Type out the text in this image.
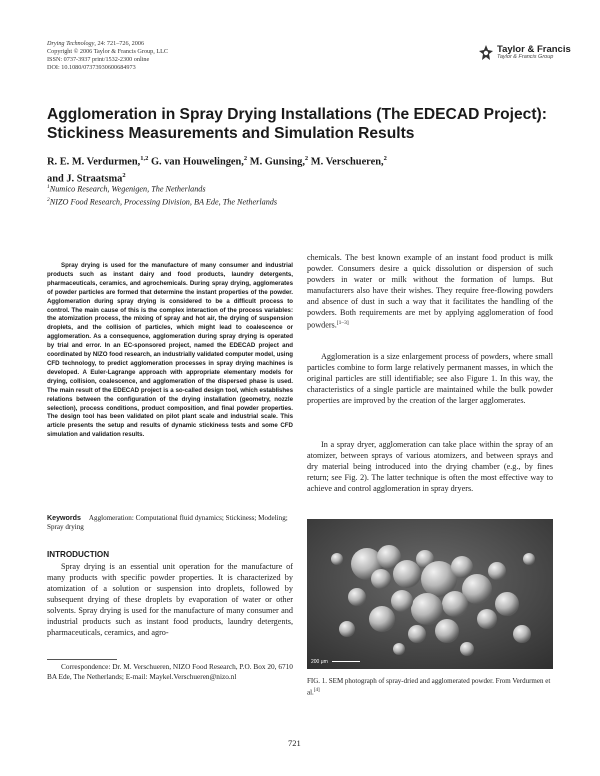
Drying Technology, 24: 721–726, 2006
Copyright © 2006 Taylor & Francis Group, LLC
ISSN: 0737-3937 print/1532-2300 online
DOI: 10.1080/07373930600684973
Taylor & Francis
Taylor & Francis Group
Agglomeration in Spray Drying Installations (The EDECAD Project): Stickiness Measurements and Simulation Results
R. E. M. Verdurmen,$^{1,2}$ G. van Houwelingen,$^2$ M. Gunsing,$^2$ M. Verschueren,$^2$
and J. Straatsma$^2$
$^1$Numico Research, Wegenigen, The Netherlands
$^2$NIZO Food Research, Processing Division, BA Ede, The Netherlands
Spray drying is used for the manufacture of many consumer and industrial products such as instant dairy and food products, laundry detergents, pharmaceuticals, ceramics, and agrochemicals. During spray drying, agglomerates of powder particles are formed that determine the instant properties of the powder. Agglomeration during spray drying is considered to be a difficult process to control. The main cause of this is the complex interaction of the process variables: the atomization process, the mixing of spray and hot air, the drying of suspension droplets, and the collision of particles, which might lead to coalescence or agglomeration. As a consequence, agglomeration during spray drying is operated by trial and error. In an EC-sponsored project, named the EDECAD project and coordinated by NIZO food research, an industrially validated computer model, using CFD technology, to predict agglomeration processes in spray drying machines is developed. A Euler-Lagrange approach with appropriate elementary models for drying, collision, coalescence, and agglomeration of the dispersed phase is used. The main result of the EDECAD project is a so-called design tool, which establishes relations between the configuration of the drying installation (geometry, nozzle selection), process conditions, product composition, and final powder properties. The design tool has been validated on pilot plant scale and industrial scale. This article presents the setup and results of dynamic stickiness tests and some CFD simulation and validation results.
Keywords Agglomeration: Computational fluid dynamics; Stickiness; Modeling; Spray drying
INTRODUCTION
Spray drying is an essential unit operation for the manufacture of many products with specific powder properties. It is characterized by atomization of a solution or suspension into droplets, followed by subsequent drying of these droplets by evaporation of water or other solvents. Spray drying is used for the manufacture of many consumer and industrial products such as instant food products, laundry detergents, pharmaceuticals, ceramics, and agro-
Correspondence: Dr. M. Verschueren, NIZO Food Research, P.O. Box 20, 6710 BA Ede, The Netherlands; E-mail: Maykel.Verschueren@nizo.nl
chemicals. The best known example of an instant food product is milk powder. Consumers desire a quick dissolution or dispersion of such powders in water or milk without the formation of lumps. But manufacturers also have their wishes. They require free-flowing powders and absence of dust in such a way that it facilitates the handling of the powders. Both requirements are met by applying agglomeration of food powders.[1–3]
Agglomeration is a size enlargement process of powders, where small particles combine to form large relatively permanent masses, in which the original particles are still identifiable; see also Figure 1. In this way, the characteristics of a single particle are maintained while the bulk powder properties are improved by the creation of the larger agglomerates.
In a spray dryer, agglomeration can take place within the spray of an atomizer, between sprays of various atomizers, and between sprays and dry material being introduced into the drying chamber (e.g., by fines return; see Fig. 2). The latter technique is often the most effective way to achieve and control agglomeration in spray dryers.
200 μm
FIG. 1. SEM photograph of spray-dried and agglomerated powder. From Verdurmen et al.[4]
721
